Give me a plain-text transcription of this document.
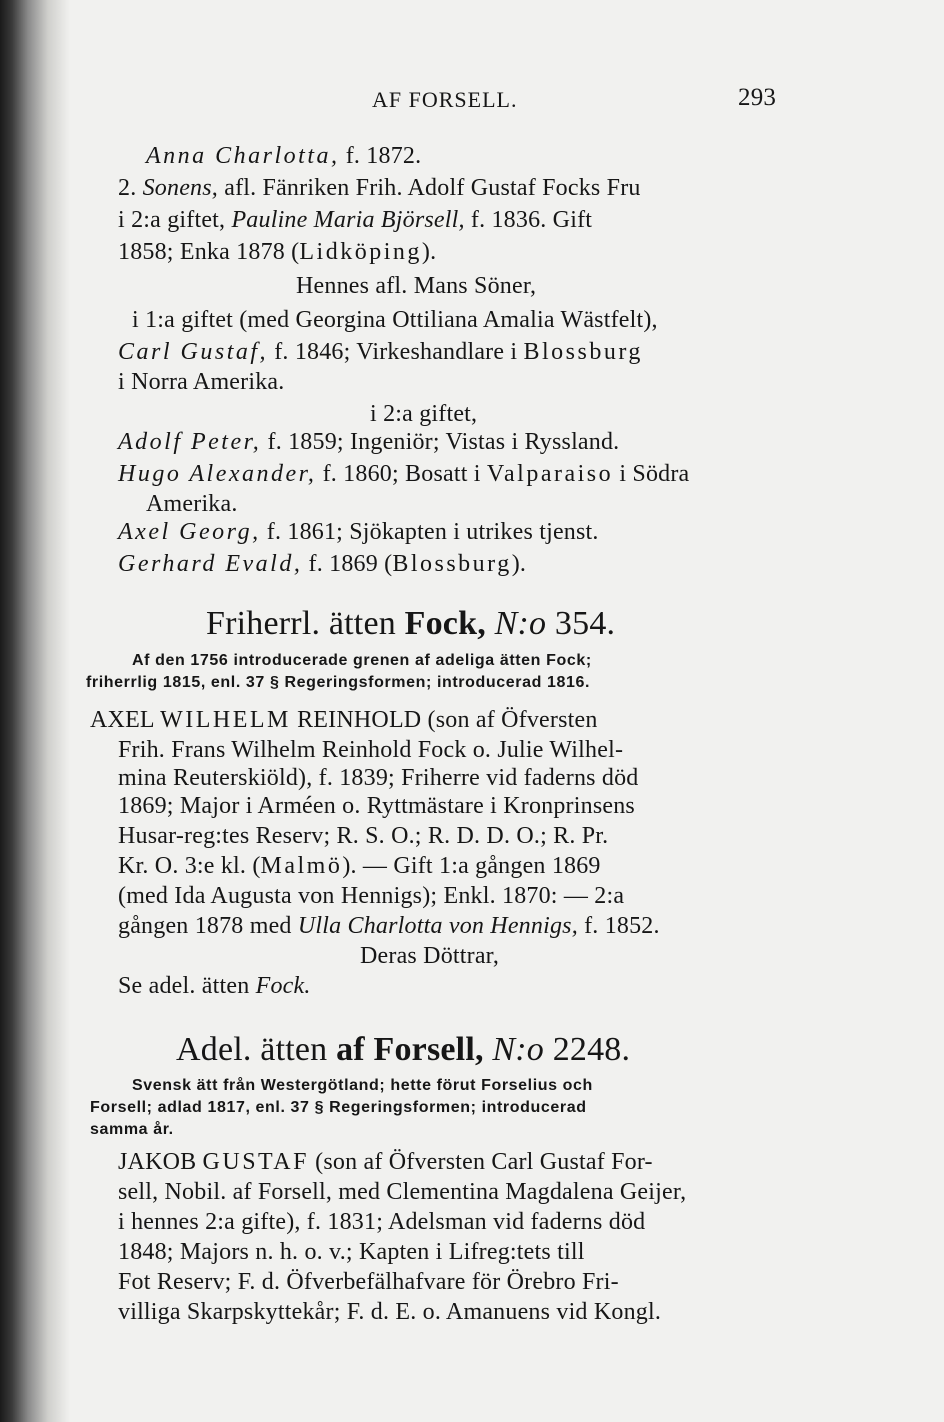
AF FORSELL.	293
Anna Charlotta, f. 1872.
2. Sonens, afl. Fänriken Frih. Adolf Gustaf Focks Fru
i 2:a giftet, Pauline Maria Björsell, f. 1836. Gift
1858; Enka 1878 (Lidköping).
Hennes afl. Mans Söner,
i 1:a giftet (med Georgina Ottiliana Amalia Wästfelt),
Carl Gustaf, f. 1846; Virkeshandlare i Blossburg
i Norra Amerika.
i 2:a giftet,
Adolf Peter, f. 1859; Ingeniör; Vistas i Ryssland.
Hugo Alexander, f. 1860; Bosatt i Valparaiso i Södra
Amerika.
Axel Georg, f. 1861; Sjökapten i utrikes tjenst.
Gerhard Evald, f. 1869 (Blossburg).
Friherrl. ätten Fock, N:o 354.
Af den 1756 introducerade grenen af adeliga ätten Fock;
friherrlig 1815, enl. 37 § Regeringsformen; introducerad 1816.
AXEL WILHELM REINHOLD (son af Öfversten
Frih. Frans Wilhelm Reinhold Fock o. Julie Wilhel-
mina Reuterskiöld), f. 1839; Friherre vid faderns död
1869; Major i Arméen o. Ryttmästare i Kronprinsens
Husar-reg:tes Reserv; R. S. O.; R. D. D. O.; R. Pr.
Kr. O. 3:e kl. (Malmö). — Gift 1:a gången 1869
(med Ida Augusta von Hennigs); Enkl. 1870: — 2:a
gången 1878 med Ulla Charlotta von Hennigs, f. 1852.
Deras Döttrar,
Se adel. ätten Fock.
Adel. ätten af Forsell, N:o 2248.
Svensk ätt från Westergötland; hette förut Forselius och
Forsell; adlad 1817, enl. 37 § Regeringsformen; introducerad
samma år.
JAKOB GUSTAF (son af Öfversten Carl Gustaf For-
sell, Nobil. af Forsell, med Clementina Magdalena Geijer,
i hennes 2:a gifte), f. 1831; Adelsman vid faderns död
1848; Majors n. h. o. v.; Kapten i Lifreg:tets till
Fot Reserv; F. d. Öfverbefälhafvare för Örebro Fri-
villiga Skarpskyttekår; F. d. E. o. Amanuens vid Kongl.
